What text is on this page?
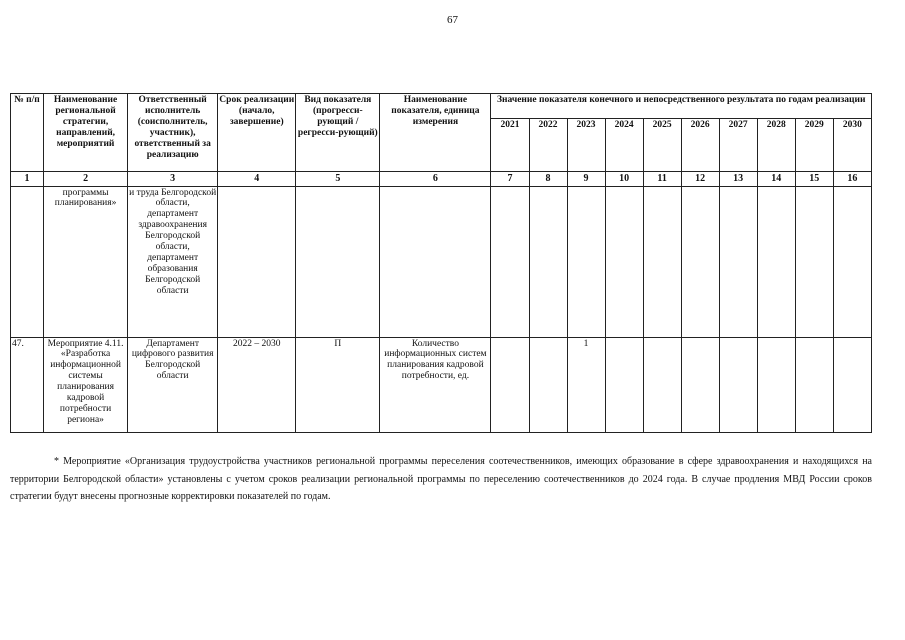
67
№ п/п	Наименование региональной стратегии, направлений, мероприятий	Ответственный исполнитель (соисполнитель, участник), ответственный за реализацию	Срок реализации (начало, завершение)	Вид показателя (прогресси-рующий / регресси-рующий)	Наименование показателя, единица измерения	Значение показателя конечного и непосредственного результата по годам реализации									
						2021	2022	2023	2024	2025	2026	2027	2028	2029	2030
1	2	3	4	5	6	7	8	9	10	11	12	13	14	15	16
	программы планирования»	и труда Белгородской области, департамент здравоохранения Белгородской области, департамент образования Белгородской области													
47.	Мероприятие 4.11. «Разработка информационной системы планирования кадровой потребности региона»	Департамент цифрового развития Белгородской области	2022 – 2030	П	Количество информационных систем планирования кадровой потребности, ед.			1							
* Мероприятие «Организация трудоустройства участников региональной программы переселения соотечественников, имеющих образование в сфере здравоохранения и находящихся на территории Белгородской области» установлены с учетом сроков реализации региональной программы по переселению соотечественников до 2024 года. В случае продления МВД России сроков стратегии будут внесены прогнозные корректировки показателей по годам.
